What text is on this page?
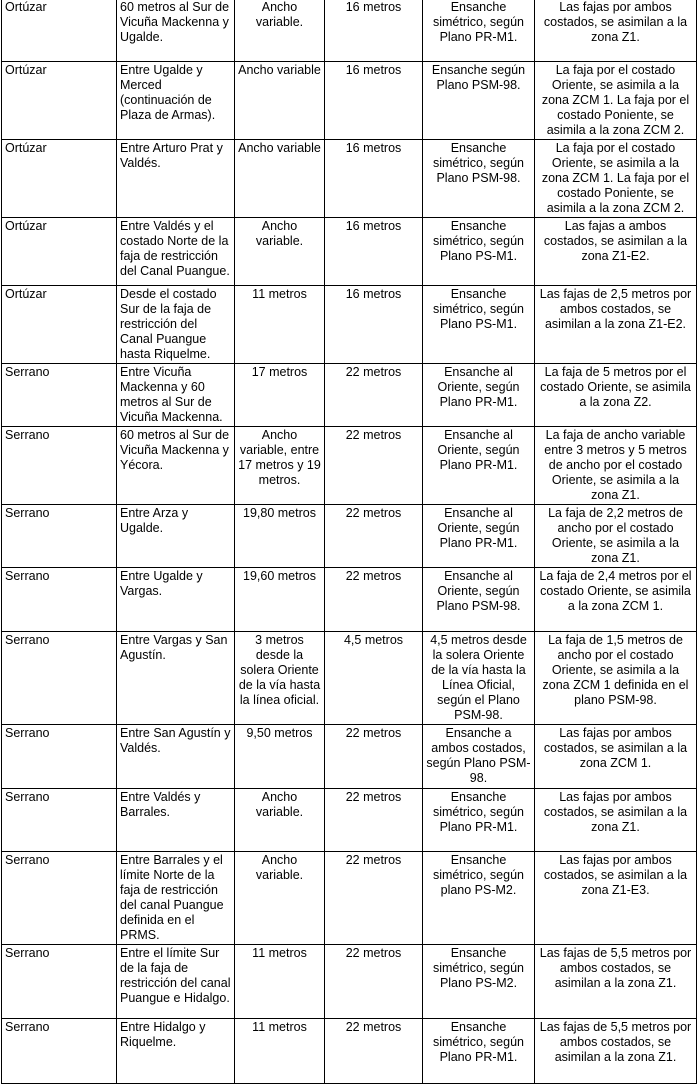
Ortúzar	60 metros al Sur de Vicuña Mackenna y Ugalde.	Ancho variable.	16 metros	Ensanche simétrico, según Plano PR-M1.	Las fajas por ambos costados, se asimilan a la zona Z1.
Ortúzar	Entre Ugalde y Merced (continuación de Plaza de Armas).	Ancho variable	16 metros	Ensanche según Plano PSM-98.	La faja por el costado Oriente, se asimila a la zona ZCM 1. La faja por el costado Poniente, se asimila a la zona ZCM 2.
Ortúzar	Entre Arturo Prat y Valdés.	Ancho variable	16 metros	Ensanche simétrico, según Plano PSM-98.	La faja por el costado Oriente, se asimila a la zona ZCM 1. La faja por el costado Poniente, se asimila a la zona ZCM 2.
Ortúzar	Entre Valdés y el costado Norte de la faja de restricción del Canal Puangue.	Ancho variable.	16 metros	Ensanche simétrico, según Plano PS-M1.	Las fajas a ambos costados, se asimilan a la zona Z1-E2.
Ortúzar	Desde el costado Sur de la faja de restricción del Canal Puangue hasta Riquelme.	11 metros	16 metros	Ensanche simétrico, según Plano PS-M1.	Las fajas de 2,5 metros por ambos costados, se asimilan a la zona Z1-E2.
Serrano	Entre Vicuña Mackenna y 60 metros al Sur de Vicuña Mackenna.	17 metros	22 metros	Ensanche al Oriente, según Plano PR-M1.	La faja de 5 metros por el costado Oriente, se asimila a la zona Z2.
Serrano	60 metros al Sur de Vicuña Mackenna y Yécora.	Ancho variable, entre 17 metros y 19 metros.	22 metros	Ensanche al Oriente, según Plano PR-M1.	La faja de ancho variable entre 3 metros y 5 metros de ancho por el costado Oriente, se asimila a la zona Z1.
Serrano	Entre Arza y Ugalde.	19,80 metros	22 metros	Ensanche al Oriente, según Plano PR-M1.	La faja de 2,2 metros de ancho por el costado Oriente, se asimila a la zona Z1.
Serrano	Entre Ugalde y Vargas.	19,60 metros	22 metros	Ensanche al Oriente, según Plano PSM-98.	La faja de 2,4 metros por el costado Oriente, se asimila a la zona ZCM 1.
Serrano	Entre Vargas y San Agustín.	3 metros desde la solera Oriente de la vía hasta la línea oficial.	4,5 metros	4,5 metros desde la solera Oriente de la vía hasta la Línea Oficial, según el Plano PSM-98.	La faja de 1,5 metros de ancho por el costado Oriente, se asimila a la zona ZCM 1 definida en el plano PSM-98.
Serrano	Entre San Agustín y Valdés.	9,50 metros	22 metros	Ensanche a ambos costados, según Plano PSM-98.	Las fajas por ambos costados, se asimilan a la zona ZCM 1.
Serrano	Entre Valdés y Barrales.	Ancho variable.	22 metros	Ensanche simétrico, según Plano PR-M1.	Las fajas por ambos costados, se asimilan a la zona Z1.
Serrano	Entre Barrales y el límite Norte de la faja de restricción del canal Puangue definida en el PRMS.	Ancho variable.	22 metros	Ensanche simétrico, según plano PS-M2.	Las fajas por ambos costados, se asimilan a la zona Z1-E3.
Serrano	Entre el límite Sur de la faja de restricción del canal Puangue e Hidalgo.	11 metros	22 metros	Ensanche simétrico, según Plano PS-M2.	Las fajas de 5,5 metros por ambos costados, se asimilan a la zona Z1.
Serrano	Entre Hidalgo y Riquelme.	11 metros	22 metros	Ensanche simétrico, según Plano PR-M1.	Las fajas de 5,5 metros por ambos costados, se asimilan a la zona Z1.
